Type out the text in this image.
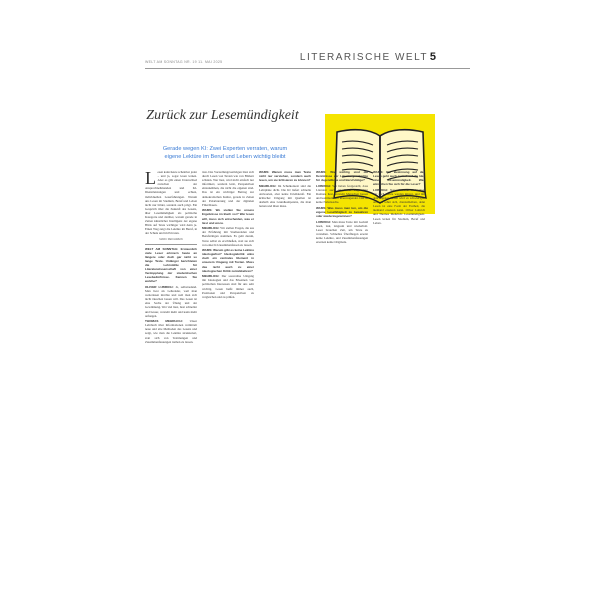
WELT AM SONNTAG NR. 19 11. MAI 2025	LITERARISCHE WELT 5
Zurück zur Lesemündigkeit
Gerade wegen KI: Zwei Experten verraten, warum eigene Lektüre im Beruf und Leben wichtig bleibt

Lesen kann heute scheinbar jeder – und ja, sogar lesen lernen. Aber es gibt einen Unterschied zwischen der Ansprechnehmenden und KI-Dienstleistungen und echten, individuellen Leserfahrungen. Warum uns Lesen im Studium, Beruf und Leben nicht nur bildet, sondern auch prägt. Ein Gespräch über die Zukunft des Lesens, über Lesemündigkeit als politische Kategorie und darüber, warum gerade in Zeiten künstlicher Intelligenz der eigene Blick auf Texte wichtiger wird denn je. Einen Weg zeigt die Lektüre im Beruf, in der Schule und im Privaten.

MARC REICHWEIN

WELT AM SONNTAG: Erstaunlich viele Leser erinnern heute an längere oder doch gar nicht so lange Texte. Unlängst berichteten die Lehrstühle für Literaturwissenschaft von einer Verdopplung der studentischen Lesebedürfnisse. Kennen Sie welche?

OLIVER LUBRICH: Ja, selbstredend. Man liest als Lehrender, weil man weiterlesen möchte und weil man sich nicht täuschen lassen will. Das Lesen ist eine Sache der Übung und der Gewöhnung. Wer viel liest, liest schneller und besser, versteht mehr und kann mehr anfangen.

THOMAS MEHRLICH: Unser Lehrbuch über Informationen vermittelt neue und alte Methoden des Lesens und zeigt, wie man die Lektüre strukturiert, statt sich von Textmengen und Zusammenfassungen treiben zu lassen.

tion. Das Vorstellungsvermögen lässt sich durch Lesen von Texten wie von Bildern schulen. Wer liest, wird nicht einfach nur informiert, sondern lernt, Perspektiven einzunehmen, die nicht die eigenen sind. Das ist ein wichtiger Beitrag zur demokratischen Kultur, gerade in Zeiten der Polarisierung und der digitalen Filterblasen.

WAMS: Wo stellen Sie unsere Ergebnisse im Buch vor? Wer lesen will, muss sich entscheiden, was er liest und wozu.

MEHRLICH: Wir stellen Fragen, die aus der Erfahrung mit Studierenden und Berufstätigen stammen. Es geht darum, Texte selbst zu erschließen, statt sie sich von einer KI zusammenfassen zu lassen.

WAMS: Warum gibt es keine Lektüre ideologiefrei? Ideologiekritik wäre doch ein zentrales Element in unserem Umgang mit Texten. Muss das nicht auch zu einer ideologischen Kritik zurückkehren?

MEHRLICH: Der souveräne Umgang mit Ideologien und das Erkennen von politischen Interessen sind für uns sehr wichtig. Lesen heißt immer auch, Positionen und Perspektiven zu vergleichen und zu prüfen.

WAMS: Warum muss man Texte nicht nur verstehen, sondern auch lesen, um sie kritisieren zu können?

MEHRLICH: Im Schulkontext sind die Lehrpläne dicht. Die KI liefert schnelle Antworten, aber keine Urteilskraft. Ein kritischer Umgang mit Quellen ist deshalb eine Grundkompetenz, die man lernen und üben muss.

WAMS: Wie wichtig sind die Kenntnisse der Literaturgeschichte für Jugendliche und Berufstätige?

LUBRICH: Wir haben festgestellt, dass Literatur auch im Beruf trägt. Wer Romane liest, versteht Menschen besser und kommuniziert überzeugender. Das ist keine Nebensache.

WAMS: Was muss man tun, um die eigene Lesefähigkeit zu bewahren oder wiederzugewinnen?

LUBRICH: Man muss Texte mit Geduld lesen, laut, langsam und wiederholt. Leser brauchen Zeit, um Texte zu verstehen. Schnelles Überfliegen ersetzt keine Lektüre, und Zusammenfassungen ersetzen keine Originale.

WAMS: Die Besinnung auf das Lesen geht auch zurück auf die Idee einer Lesemündigkeit. Was wünschen Sie sich für die Leser?

LUBRICH: Neue Tendenz beobachten wir auch. Texte werden kürzer, und mit dem eigenen Lesen wird es schwieriger. Aber es lohnt sich, dranzubleiben, denn Lesen ist eine Form der Freiheit, die niemand ersetzen kann. Oliver Lubrich und Thomas Mehrlich: Lesemündigkeit. Lesen lernen für Studium, Beruf und Leben.
